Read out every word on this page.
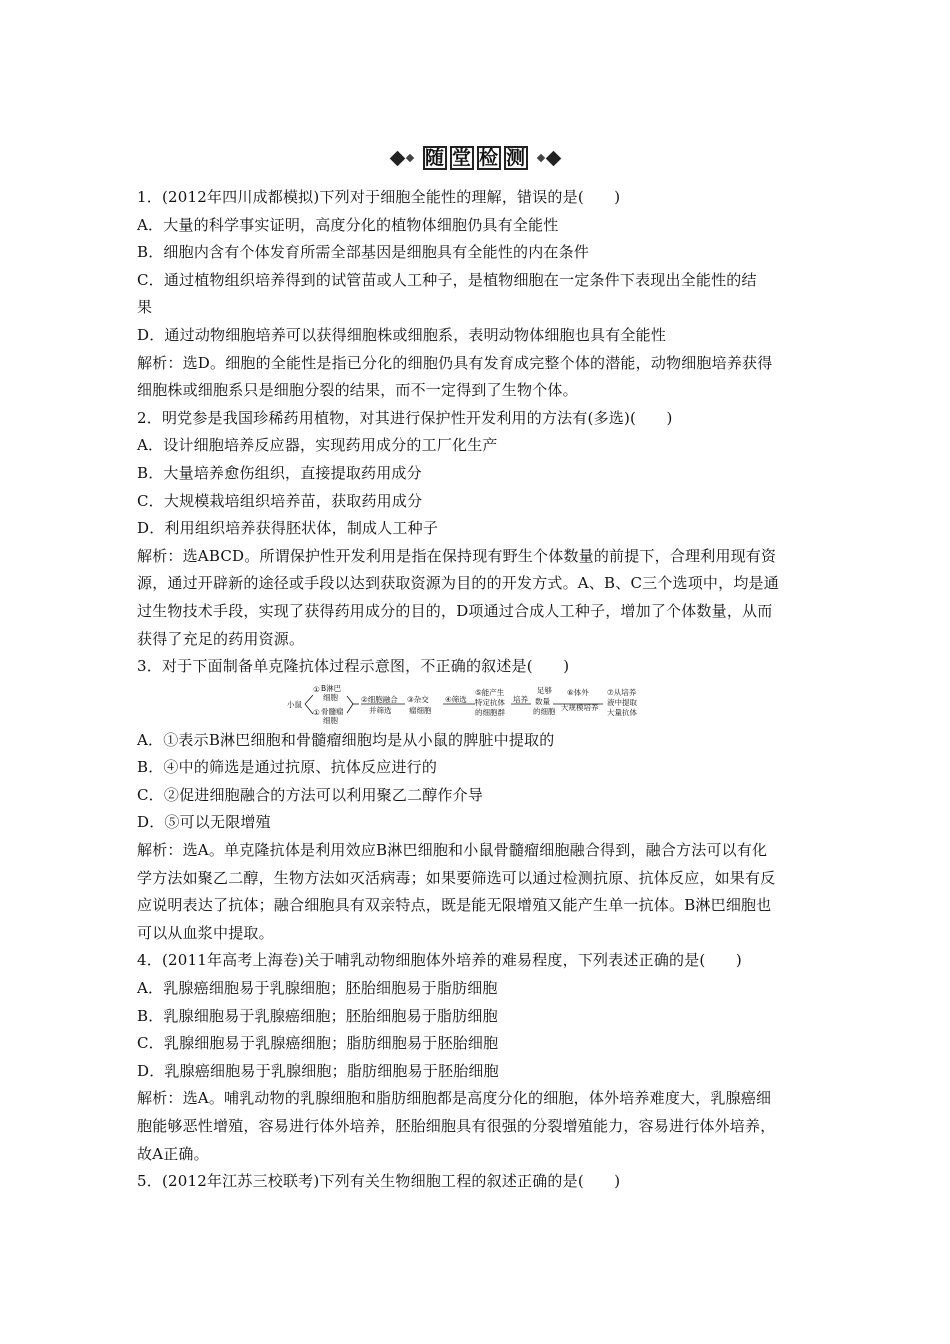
随 堂 检 测
1．(2012年四川成都模拟)下列对于细胞全能性的理解，错误的是(　　)
A．大量的科学事实证明，高度分化的植物体细胞仍具有全能性
B．细胞内含有个体发育所需全部基因是细胞具有全能性的内在条件
C．通过植物组织培养得到的试管苗或人工种子，是植物细胞在一定条件下表现出全能性的结
果
D．通过动物细胞培养可以获得细胞株或细胞系，表明动物体细胞也具有全能性
解析：选D。细胞的全能性是指已分化的细胞仍具有发育成完整个体的潜能，动物细胞培养获得
细胞株或细胞系只是细胞分裂的结果，而不一定得到了生物个体。
2．明党参是我国珍稀药用植物，对其进行保护性开发利用的方法有(多选)(　　)
A．设计细胞培养反应器，实现药用成分的工厂化生产
B．大量培养愈伤组织，直接提取药用成分
C．大规模栽培组织培养苗，获取药用成分
D．利用组织培养获得胚状体，制成人工种子
解析：选ABCD。所谓保护性开发利用是指在保持现有野生个体数量的前提下，合理利用现有资
源，通过开辟新的途径或手段以达到获取资源为目的的开发方式。A、B、C三个选项中，均是通
过生物技术手段，实现了获得药用成分的目的，D项通过合成人工种子，增加了个体数量，从而
获得了充足的药用资源。
3．对于下面制备单克隆抗体过程示意图，不正确的叙述是(　　)
小鼠
① B淋巴
细胞
① 骨髓瘤
细胞
②细胞融合
并筛选
③杂交
瘤细胞
④筛选
⑤能产生
特定抗体
的细胞群
培养
足够
数量
的细胞
⑥体外
大规模培养
⑦从培养
液中提取
大量抗体
A．①表示B淋巴细胞和骨髓瘤细胞均是从小鼠的脾脏中提取的
B．④中的筛选是通过抗原、抗体反应进行的
C．②促进细胞融合的方法可以利用聚乙二醇作介导
D．⑤可以无限增殖
解析：选A。单克隆抗体是利用效应B淋巴细胞和小鼠骨髓瘤细胞融合得到，融合方法可以有化
学方法如聚乙二醇，生物方法如灭活病毒；如果要筛选可以通过检测抗原、抗体反应，如果有反
应说明表达了抗体；融合细胞具有双亲特点，既是能无限增殖又能产生单一抗体。B淋巴细胞也
可以从血浆中提取。
4．(2011年高考上海卷)关于哺乳动物细胞体外培养的难易程度，下列表述正确的是(　　)
A．乳腺癌细胞易于乳腺细胞；胚胎细胞易于脂肪细胞
B．乳腺细胞易于乳腺癌细胞；胚胎细胞易于脂肪细胞
C．乳腺细胞易于乳腺癌细胞；脂肪细胞易于胚胎细胞
D．乳腺癌细胞易于乳腺细胞；脂肪细胞易于胚胎细胞
解析：选A。哺乳动物的乳腺细胞和脂肪细胞都是高度分化的细胞，体外培养难度大，乳腺癌细
胞能够恶性增殖，容易进行体外培养，胚胎细胞具有很强的分裂增殖能力，容易进行体外培养，
故A正确。
5．(2012年江苏三校联考)下列有关生物细胞工程的叙述正确的是(　　)
